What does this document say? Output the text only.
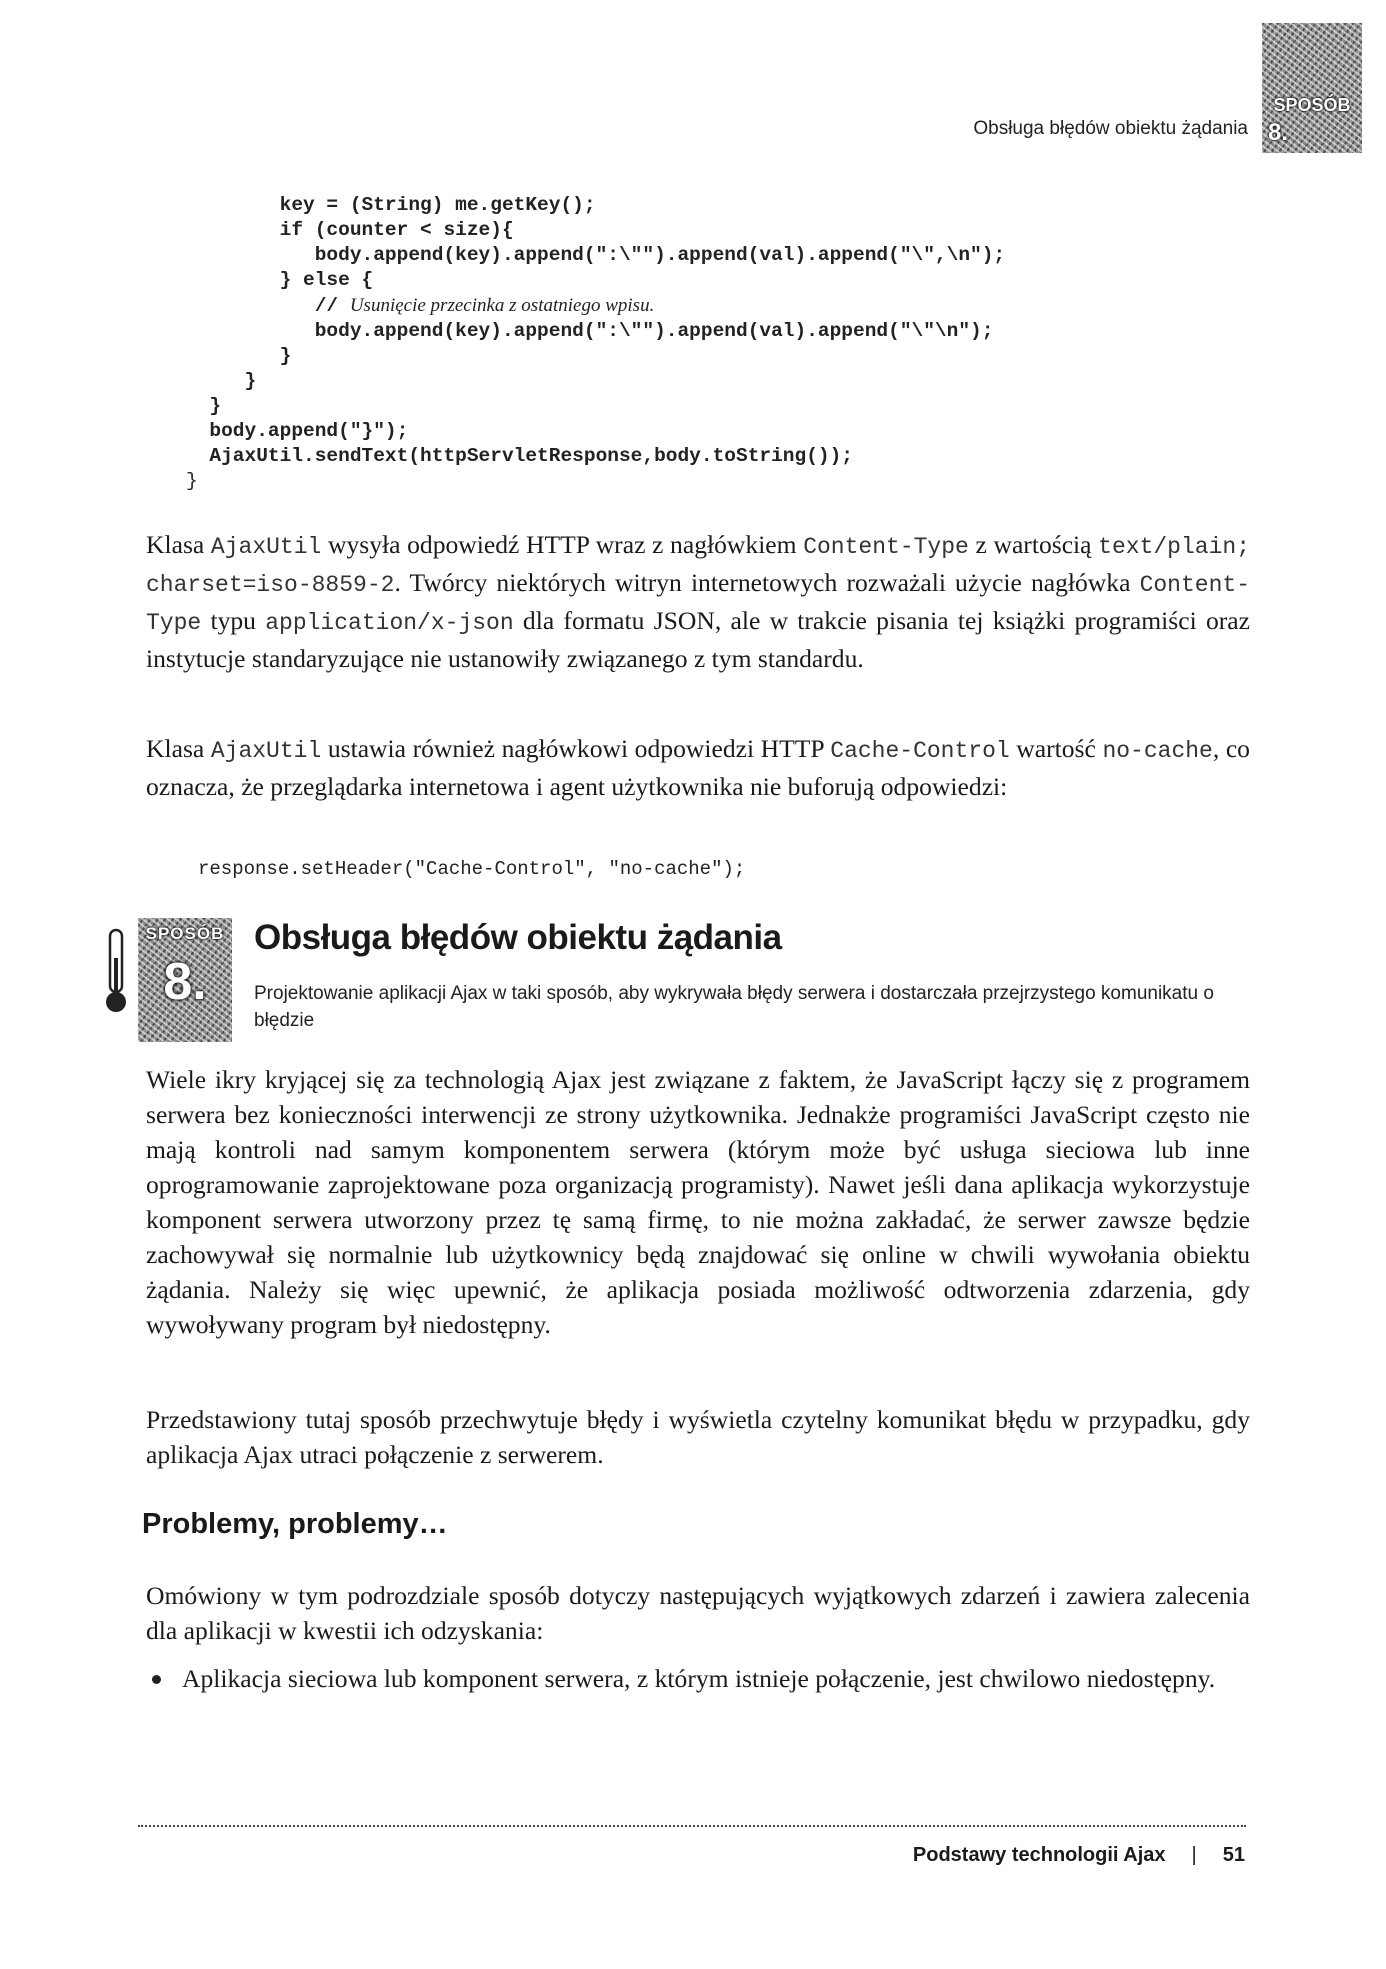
SPOSÓB
8.
Obsługa błędów obiektu żądania
key = (String) me.getKey();
if (counter < size){
body.append(key).append(":\"").append(val).append("\",\n");
} else {
// Usunięcie przecinka z ostatniego wpisu.
body.append(key).append(":\"").append(val).append("\"\n");
}
}
}
body.append("}");
AjaxUtil.sendText(httpServletResponse,body.toString());
}

Klasa AjaxUtil wysyła odpowiedź HTTP wraz z nagłówkiem Content-Type z wartością text/plain; charset=iso-8859-2. Twórcy niektórych witryn internetowych rozważali użycie nagłówka Content-Type typu application/x-json dla formatu JSON, ale w trakcie pisania tej książki programiści oraz instytucje standaryzujące nie ustanowiły związanego z tym standardu.

Klasa AjaxUtil ustawia również nagłówkowi odpowiedzi HTTP Cache-Control wartość no-cache, co oznacza, że przeglądarka internetowa i agent użytkownika nie buforują odpowiedzi:

response.setHeader("Cache-Control", "no-cache");
SPOSÓB
8.
Obsługa błędów obiektu żądania
Projektowanie aplikacji Ajax w taki sposób, aby wykrywała błędy serwera i dostarczała przejrzystego komunikatu o błędzie

Wiele ikry kryjącej się za technologią Ajax jest związane z faktem, że JavaScript łączy się z programem serwera bez konieczności interwencji ze strony użytkownika. Jednakże programiści JavaScript często nie mają kontroli nad samym komponentem serwera (którym może być usługa sieciowa lub inne oprogramowanie zaprojektowane poza organizacją programisty). Nawet jeśli dana aplikacja wykorzystuje komponent serwera utworzony przez tę samą firmę, to nie można zakładać, że serwer zawsze będzie zachowywał się normalnie lub użytkownicy będą znajdować się online w chwili wywołania obiektu żądania. Należy się więc upewnić, że aplikacja posiada możliwość odtworzenia zdarzenia, gdy wywoływany program był niedostępny.

Przedstawiony tutaj sposób przechwytuje błędy i wyświetla czytelny komunikat błędu w przypadku, gdy aplikacja Ajax utraci połączenie z serwerem.

Problemy, problemy…

Omówiony w tym podrozdziale sposób dotyczy następujących wyjątkowych zdarzeń i zawiera zalecenia dla aplikacji w kwestii ich odzyskania:

Aplikacja sieciowa lub komponent serwera, z którym istnieje połączenie, jest chwilowo niedostępny.
Podstawy technologii Ajax | 51
